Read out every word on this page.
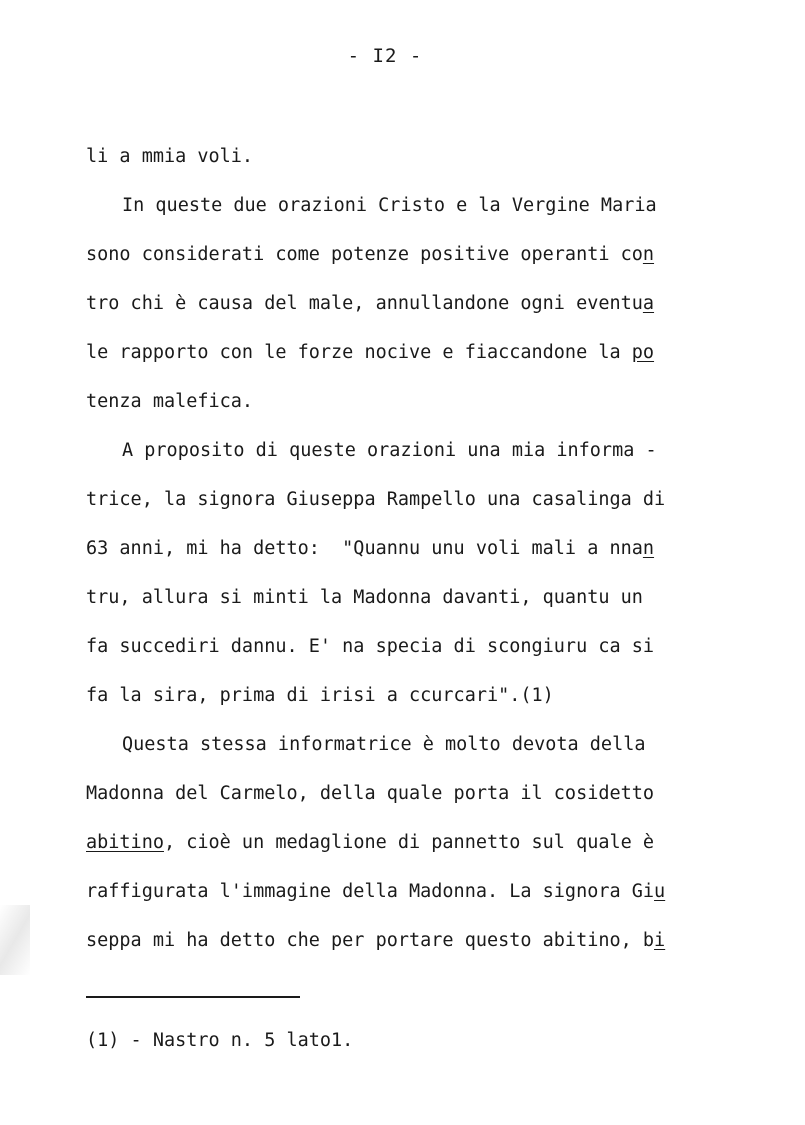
- I2 -
li a mmia voli.
In queste due orazioni Cristo e la Vergine Maria
sono considerati come potenze positive operanti con
tro chi è causa del male, annullandone ogni eventua
le rapporto con le forze nocive e fiaccandone la po
tenza malefica.
A proposito di queste orazioni una mia informa -
trice, la signora Giuseppa Rampello una casalinga di
63 anni, mi ha detto:  "Quannu unu voli mali a nnan
tru, allura si minti la Madonna davanti, quantu un
fa succediri dannu. E' na specia di scongiuru ca si
fa la sira, prima di irisi a ccurcari".(1)
Questa stessa informatrice è molto devota della
Madonna del Carmelo, della quale porta il cosidetto
abitino, cioè un medaglione di pannetto sul quale è
raffigurata l'immagine della Madonna. La signora Giu
seppa mi ha detto che per portare questo abitino, bi
(1) - Nastro n. 5 lato1.
